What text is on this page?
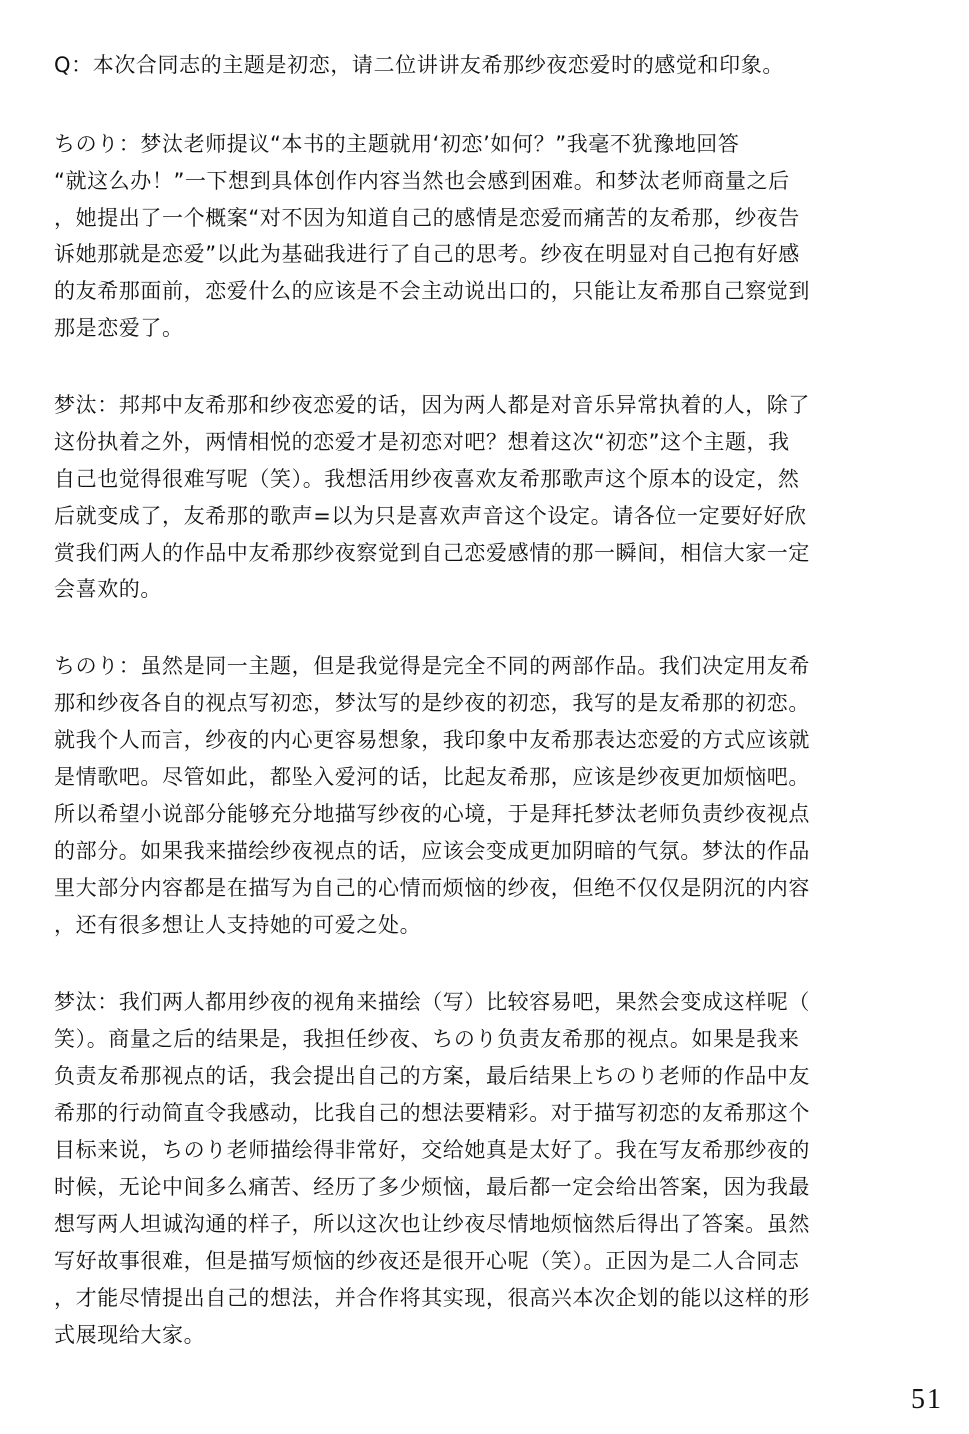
Q：本次合同志的主题是初恋，请二位讲讲友希那纱夜恋爱时的感觉和印象。
ちのり：梦汰老师提议“本书的主题就用‘初恋’如何？”我毫不犹豫地回答
“就这么办！”一下想到具体创作内容当然也会感到困难。和梦汰老师商量之后
，她提出了一个概案“对不因为知道自己的感情是恋爱而痛苦的友希那，纱夜告
诉她那就是恋爱”以此为基础我进行了自己的思考。纱夜在明显对自己抱有好感
的友希那面前，恋爱什么的应该是不会主动说出口的，只能让友希那自己察觉到
那是恋爱了。
梦汰：邦邦中友希那和纱夜恋爱的话，因为两人都是对音乐异常执着的人，除了
这份执着之外，两情相悦的恋爱才是初恋对吧？想着这次“初恋”这个主题，我
自己也觉得很难写呢（笑）。我想活用纱夜喜欢友希那歌声这个原本的设定，然
后就变成了，友希那的歌声=以为只是喜欢声音这个设定。请各位一定要好好欣
赏我们两人的作品中友希那纱夜察觉到自己恋爱感情的那一瞬间，相信大家一定
会喜欢的。
ちのり：虽然是同一主题，但是我觉得是完全不同的两部作品。我们决定用友希
那和纱夜各自的视点写初恋，梦汰写的是纱夜的初恋，我写的是友希那的初恋。
就我个人而言，纱夜的内心更容易想象，我印象中友希那表达恋爱的方式应该就
是情歌吧。尽管如此，都坠入爱河的话，比起友希那，应该是纱夜更加烦恼吧。
所以希望小说部分能够充分地描写纱夜的心境，于是拜托梦汰老师负责纱夜视点
的部分。如果我来描绘纱夜视点的话，应该会变成更加阴暗的气氛。梦汰的作品
里大部分内容都是在描写为自己的心情而烦恼的纱夜，但绝不仅仅是阴沉的内容
，还有很多想让人支持她的可爱之处。
梦汰：我们两人都用纱夜的视角来描绘（写）比较容易吧，果然会变成这样呢（
笑）。商量之后的结果是，我担任纱夜、ちのり负责友希那的视点。如果是我来
负责友希那视点的话，我会提出自己的方案，最后结果上ちのり老师的作品中友
希那的行动简直令我感动，比我自己的想法要精彩。对于描写初恋的友希那这个
目标来说，ちのり老师描绘得非常好，交给她真是太好了。我在写友希那纱夜的
时候，无论中间多么痛苦、经历了多少烦恼，最后都一定会给出答案，因为我最
想写两人坦诚沟通的样子，所以这次也让纱夜尽情地烦恼然后得出了答案。虽然
写好故事很难，但是描写烦恼的纱夜还是很开心呢（笑）。正因为是二人合同志
，才能尽情提出自己的想法，并合作将其实现，很高兴本次企划的能以这样的形
式展现给大家。
51
